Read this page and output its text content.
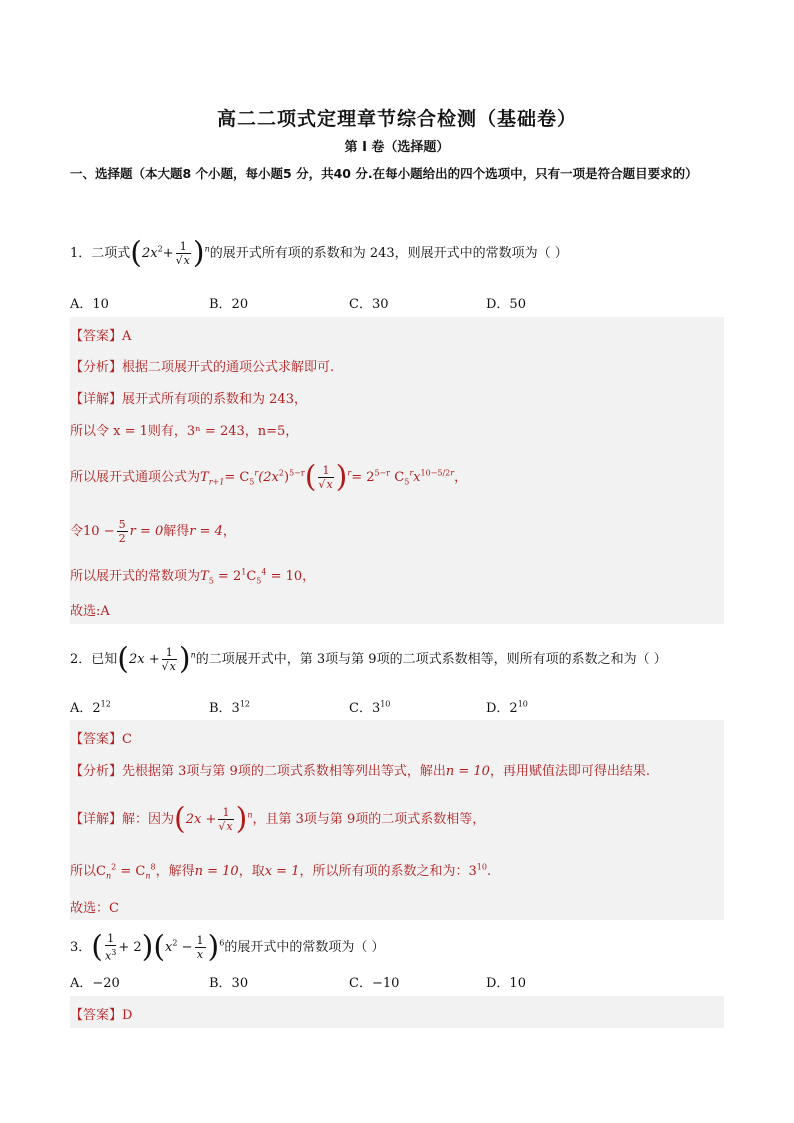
高二二项式定理章节综合检测（基础卷）
第 I 卷（选择题）
一、选择题（本大题8 个小题，每小题5 分，共40 分.在每小题给出的四个选项中，只有一项是符合题目要求的）
1．二项式$(2x^2+ \frac{1}{√x} )^n$的展开式所有项的系数和为 243，则展开式中的常数项为（ ）
A．10	B．20	C．30	D．50
【答案】A
【分析】根据二项展开式的通项公式求解即可.
【详解】展开式所有项的系数和为 243，
所以令 x = 1则有，3ⁿ = 243，n=5，
所以展开式通项公式为$T_{r+1}= C_5^r(2x^2)^{5-r}( \frac{1}{√x} )^r= 2^{5-r}$ $C_5^rx^{10-5/2r}$，
令$10 - \frac{5}{2}$ r = 0解得r = 4，
所以展开式的常数项为$T_5 = 2^1C_5^4 = 10$，
故选:A
2．已知$(2x + \frac{1}{√x} )^n$的二项展开式中，第 3项与第 9项的二项式系数相等，则所有项的系数之和为（ ）
A．$2^{12}$	B．$3^{12}$	C．$3^{10}$	D．$2^{10}$
【答案】C
【分析】先根据第 3项与第 9项的二项式系数相等列出等式，解出n = 10，再用赋值法即可得出结果.
【详解】解：因为$(2x + \frac{1}{√x} )^n$，且第 3项与第 9项的二项式系数相等，
所以$C_n^2 = C_n^8$，解得n = 10，取x = 1，所以所有项的系数之和为：$3^{10}$.
故选：C
3．( $\frac{1}{x^3} + 2)(x^2 - \frac{1}{x} )^6$的展开式中的常数项为（ ）
A．−20	B．30	C．−10	D．10
【答案】D
